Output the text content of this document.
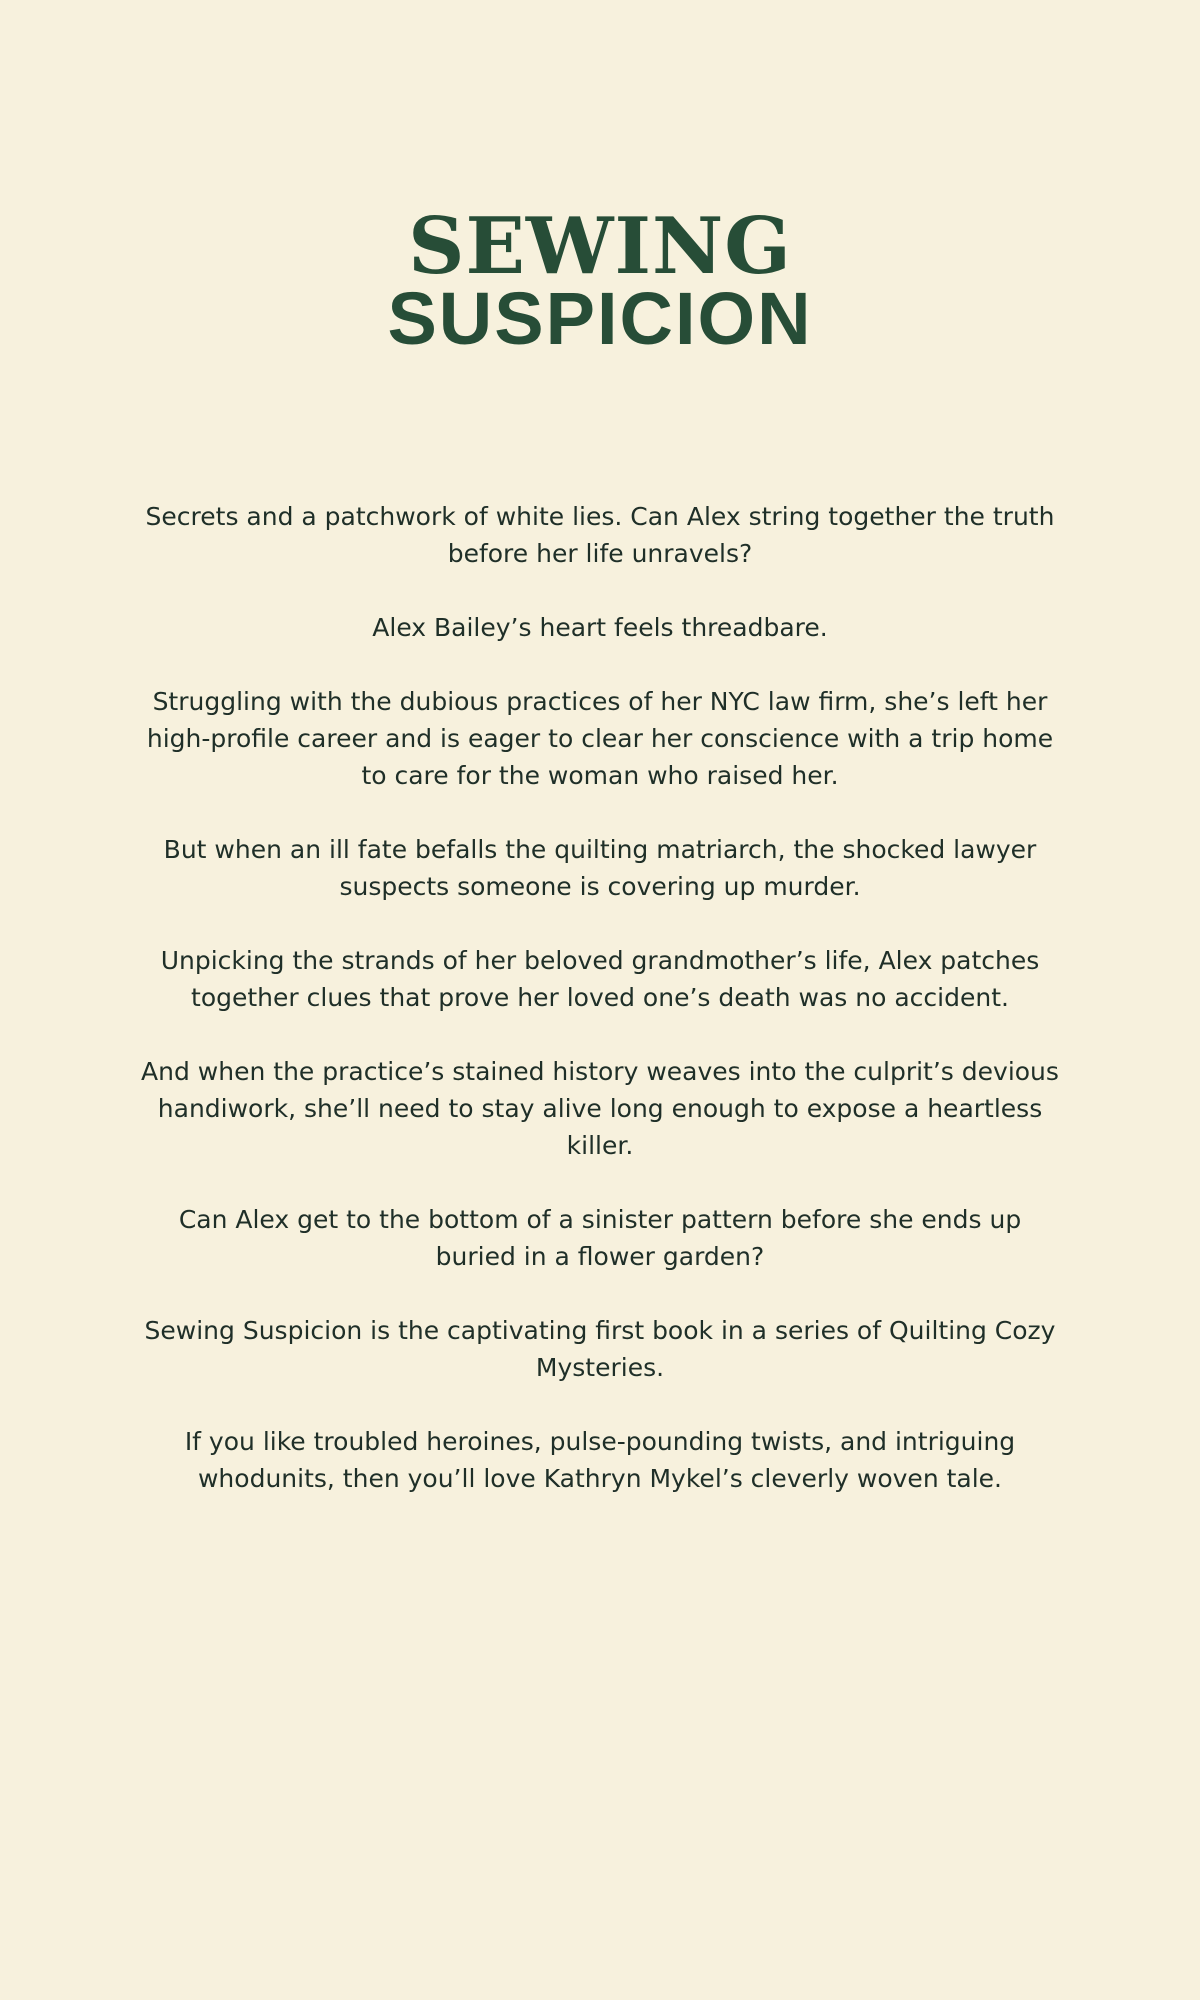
SEWING
SUSPICION

Secrets and a patchwork of white lies. Can Alex string together the truth before her life unravels?

Alex Bailey’s heart feels threadbare.

Struggling with the dubious practices of her NYC law firm, she’s left her high-profile career and is eager to clear her conscience with a trip home to care for the woman who raised her.

But when an ill fate befalls the quilting matriarch, the shocked lawyer suspects someone is covering up murder.

Unpicking the strands of her beloved grandmother’s life, Alex patches together clues that prove her loved one’s death was no accident.

And when the practice’s stained history weaves into the culprit’s devious handiwork, she’ll need to stay alive long enough to expose a heartless killer.

Can Alex get to the bottom of a sinister pattern before she ends up buried in a flower garden?

Sewing Suspicion is the captivating first book in a series of Quilting Cozy Mysteries.

If you like troubled heroines, pulse-pounding twists, and intriguing whodunits, then you’ll love Kathryn Mykel’s cleverly woven tale.
